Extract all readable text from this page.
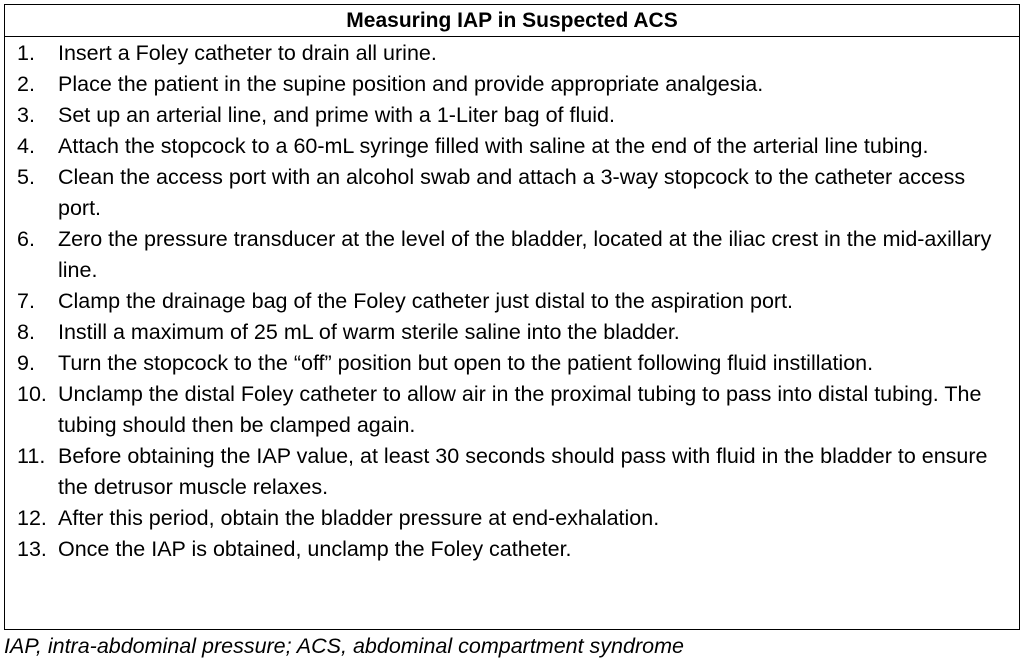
Measuring IAP in Suspected ACS
1.	Insert a Foley catheter to drain all urine.
2.	Place the patient in the supine position and provide appropriate analgesia.
3.	Set up an arterial line, and prime with a 1-Liter bag of fluid.
4.	Attach the stopcock to a 60-mL syringe filled with saline at the end of the arterial line tubing.
5.	Clean the access port with an alcohol swab and attach a 3-way stopcock to the catheter access port.
6.	Zero the pressure transducer at the level of the bladder, located at the iliac crest in the mid-axillary line.
7.	Clamp the drainage bag of the Foley catheter just distal to the aspiration port.
8.	Instill a maximum of 25 mL of warm sterile saline into the bladder.
9.	Turn the stopcock to the “off” position but open to the patient following fluid instillation.
10. Unclamp the distal Foley catheter to allow air in the proximal tubing to pass into distal tubing. The tubing should then be clamped again.
11. Before obtaining the IAP value, at least 30 seconds should pass with fluid in the bladder to ensure the detrusor muscle relaxes.
12. After this period, obtain the bladder pressure at end-exhalation.
13. Once the IAP is obtained, unclamp the Foley catheter.
IAP, intra-abdominal pressure; ACS, abdominal compartment syndrome
